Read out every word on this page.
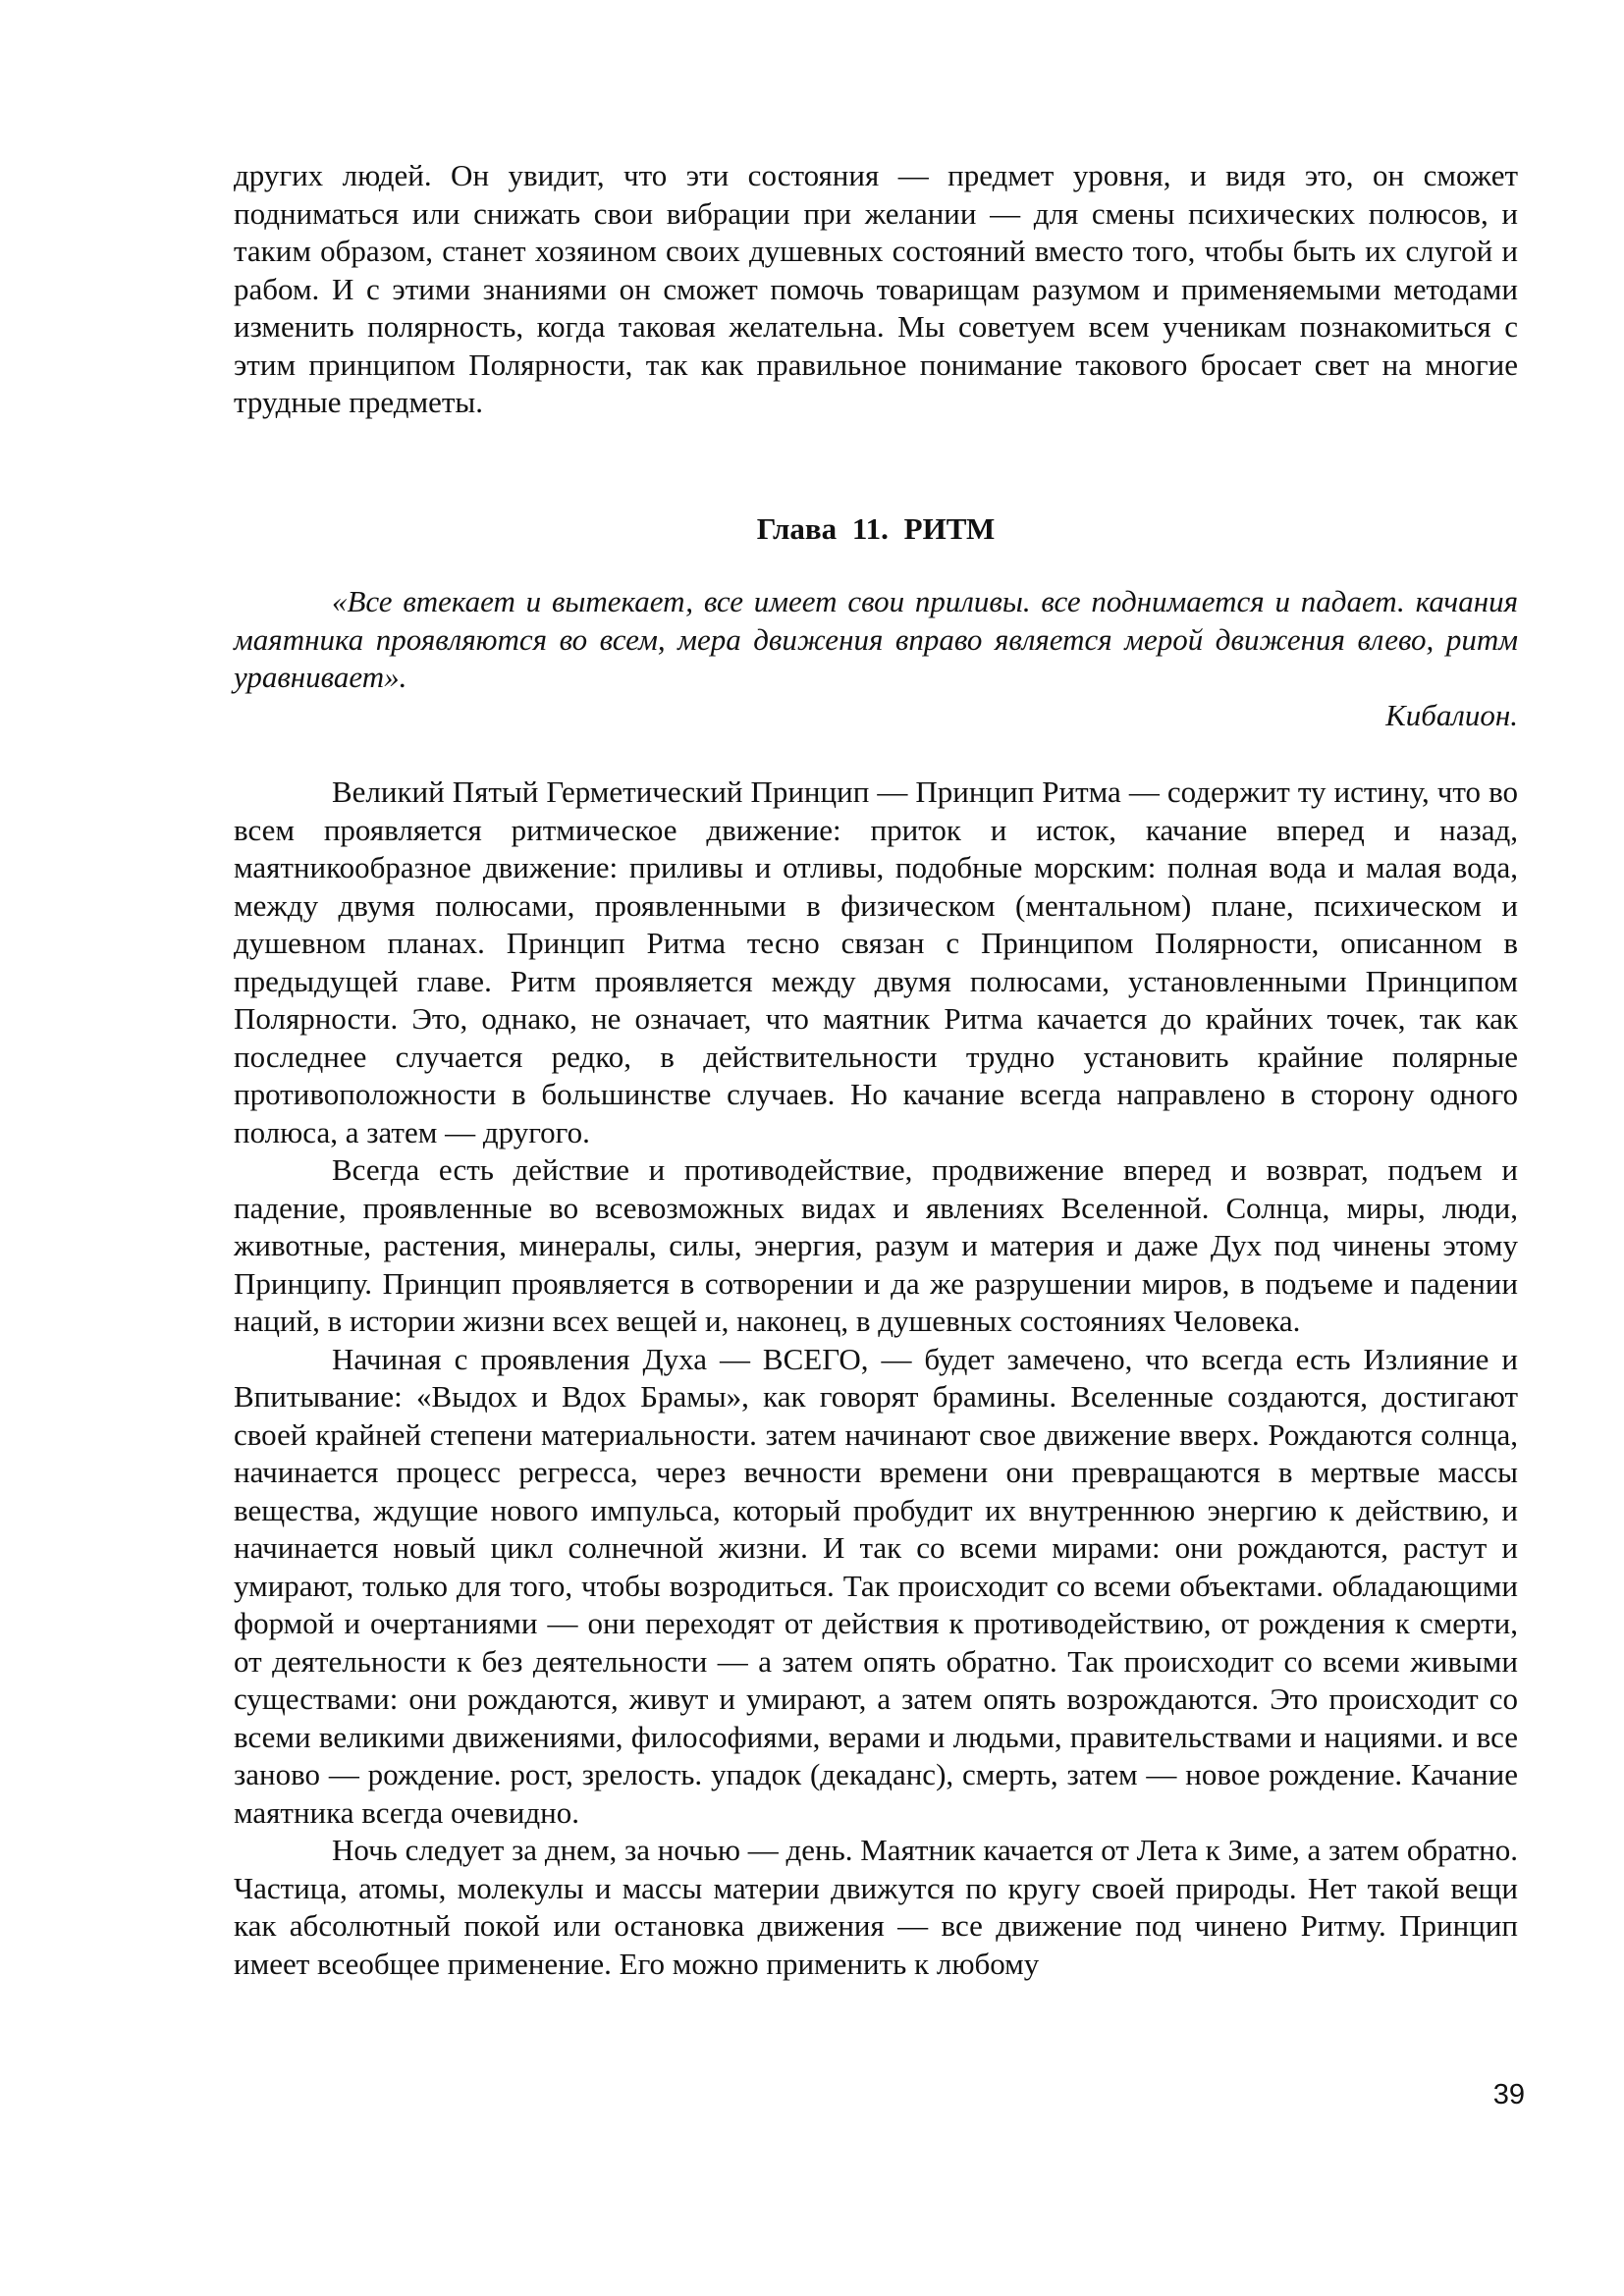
других людей. Он увидит, что эти состояния — предмет уровня, и видя это, он сможет подниматься или снижать свои вибрации при желании — для смены психических полюсов, и таким образом, станет хозяином своих душевных состояний вместо того, чтобы быть их слугой и рабом. И с этими знаниями он сможет помочь товарищам разумом и применяемыми методами изменить полярность, когда таковая желательна. Мы советуем всем ученикам познакомиться с этим принципом Полярности, так как правильное понимание такового бросает свет на многие трудные предметы.

Глава 11. РИТМ

«Все втекает и вытекает, все имеет свои приливы. все поднимается и падает. качания маятника проявляются во всем, мера движения вправо является мерой движения влево, ритм уравнивает».

Кибалион.

Великий Пятый Герметический Принцип — Принцип Ритма — содержит ту истину, что во всем проявляется ритмическое движение: приток и исток, качание вперед и назад, маятникообразное движение: приливы и отливы, подобные морским: полная вода и малая вода, между двумя полюсами, проявленными в физическом (ментальном) плане, психическом и душевном планах. Принцип Ритма тесно связан с Принципом Полярности, описанном в предыдущей главе. Ритм проявляется между двумя полюсами, установленными Принципом Полярности. Это, однако, не означает, что маятник Ритма качается до крайних точек, так как последнее случается редко, в действительности трудно установить крайние полярные противоположности в большинстве случаев. Но качание всегда направлено в сторону одного полюса, а затем — другого.

Всегда есть действие и противодействие, продвижение вперед и возврат, подъем и падение, проявленные во всевозможных видах и явлениях Вселенной. Солнца, миры, люди, животные, растения, минералы, силы, энергия, разум и материя и даже Дух под чинены этому Принципу. Принцип проявляется в сотворении и да же разрушении миров, в подъеме и падении наций, в истории жизни всех вещей и, наконец, в душевных состояниях Человека.

Начиная с проявления Духа — ВСЕГО, — будет замечено, что всегда есть Излияние и Впитывание: «Выдох и Вдох Брамы», как говорят брамины. Вселенные создаются, достигают своей крайней степени материальности. затем начинают свое движение вверх. Рождаются солнца, начинается процесс регресса, через вечности времени они превращаются в мертвые массы вещества, ждущие нового импульса, который пробудит их внутреннюю энергию к действию, и начинается новый цикл солнечной жизни. И так со всеми мирами: они рождаются, растут и умирают, только для того, чтобы возродиться. Так происходит со всеми объектами. обладающими формой и очертаниями — они переходят от действия к противодействию, от рождения к смерти, от деятельности к без деятельности — а затем опять обратно. Так происходит со всеми живыми существами: они рождаются, живут и умирают, а затем опять возрождаются. Это происходит со всеми великими движениями, философиями, верами и людьми, правительствами и нациями. и все заново — рождение. рост, зрелость. упадок (декаданс), смерть, затем — новое рождение. Качание маятника всегда очевидно.

Ночь следует за днем, за ночью — день. Маятник качается от Лета к Зиме, а затем обратно. Частица, атомы, молекулы и массы материи движутся по кругу своей природы. Нет такой вещи как абсолютный покой или остановка движения — все движение под чинено Ритму. Принцип имеет всеобщее применение. Его можно применить к любому

39
